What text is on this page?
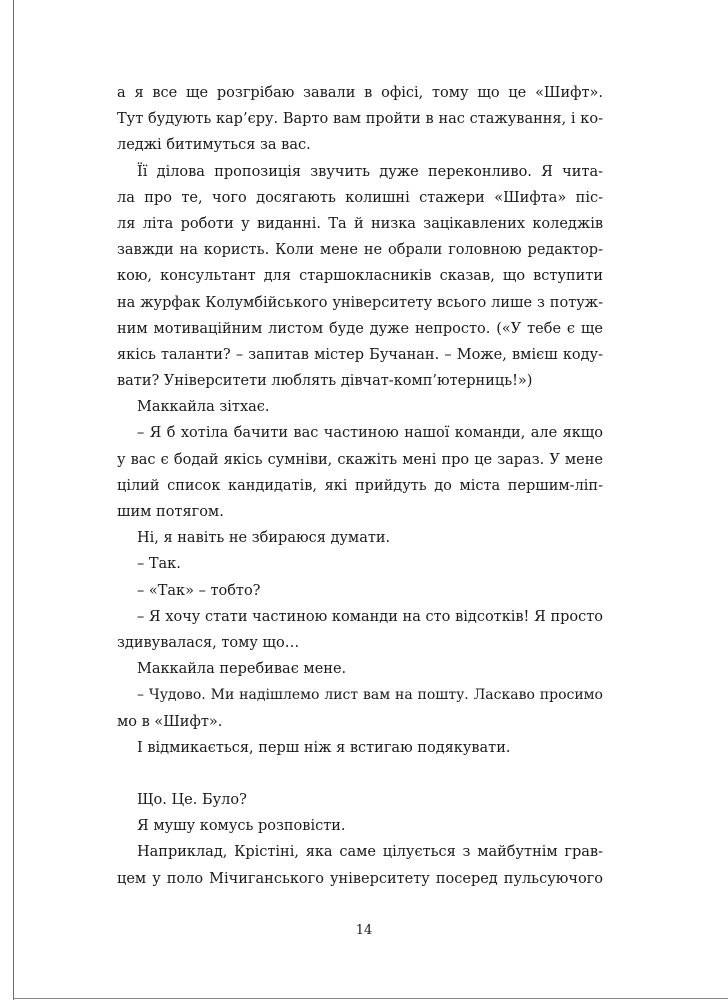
а я все ще розгрібаю завали в офісі, тому що це «Шифт».
Тут будують кар’єру. Варто вам пройти в нас стажування, і ко-
леджі битимуться за вас.
Її ділова пропозиція звучить дуже переконливо. Я чита-
ла про те, чого досягають колишні стажери «Шифта» піс-
ля літа роботи у виданні. Та й низка зацікавлених коледжів
завжди на користь. Коли мене не обрали головною редактор-
кою, консультант для старшокласників сказав, що вступити
на журфак Колумбійського університету всього лише з потуж-
ним мотиваційним листом буде дуже непросто. («У тебе є ще
якісь таланти? – запитав містер Бучанан. – Може, вмієш коду-
вати? Університети люблять дівчат-комп’ютерниць!»)
Маккайла зітхає.
– Я б хотіла бачити вас частиною нашої команди, але якщо
у вас є бодай якісь сумніви, скажіть мені про це зараз. У мене
цілий список кандидатів, які прийдуть до міста першим-ліп-
шим потягом.
Ні, я навіть не збираюся думати.
– Так.
– «Так» – тобто?
– Я хочу стати частиною команди на сто відсотків! Я просто
здивувалася, тому що…
Маккайла перебиває мене.
– Чудово. Ми надішлемо лист вам на пошту. Ласкаво просимо
мо в «Шифт».
І відмикається, перш ніж я встигаю подякувати.
Що. Це. Було?
Я мушу комусь розповісти.
Наприклад, Крістіні, яка саме цілується з майбутнім грав-
цем у поло Мічиганського університету посеред пульсуючого
14
